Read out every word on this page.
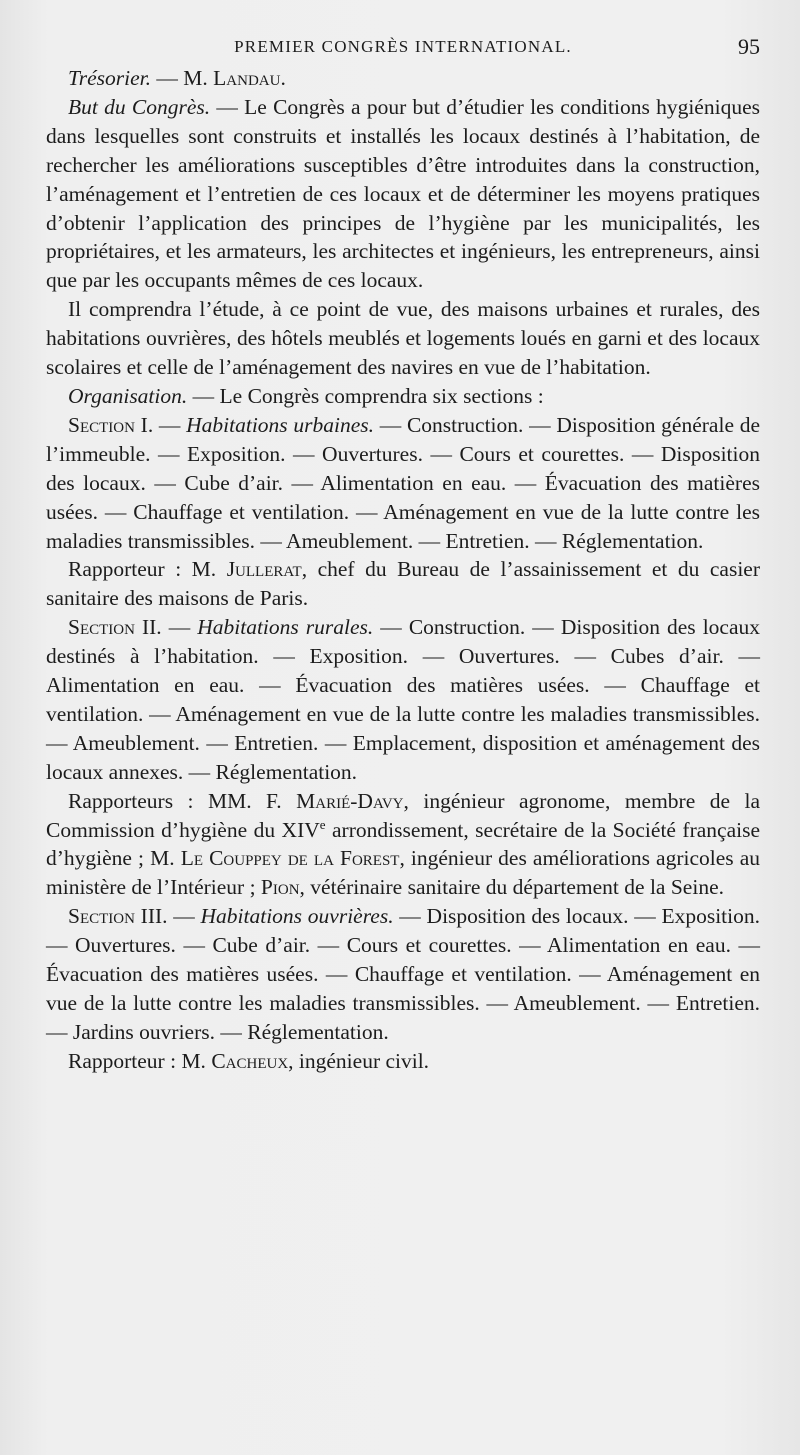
PREMIER CONGRÈS INTERNATIONAL.	95

Trésorier. — M. Landau.

But du Congrès. — Le Congrès a pour but d’étudier les conditions hygiéniques dans lesquelles sont construits et installés les locaux destinés à l’habitation, de rechercher les améliorations susceptibles d’être introduites dans la construction, l’aménagement et l’entretien de ces locaux et de déterminer les moyens pratiques d’obtenir l’application des principes de l’hygiène par les municipalités, les propriétaires, et les armateurs, les architectes et ingénieurs, les entrepreneurs, ainsi que par les occupants mêmes de ces locaux.

Il comprendra l’étude, à ce point de vue, des maisons urbaines et rurales, des habitations ouvrières, des hôtels meublés et logements loués en garni et des locaux scolaires et celle de l’aménagement des navires en vue de l’habitation.

Organisation. — Le Congrès comprendra six sections :

Section I. — Habitations urbaines. — Construction. — Disposition générale de l’immeuble. — Exposition. — Ouvertures. — Cours et courettes. — Disposition des locaux. — Cube d’air. — Alimentation en eau. — Évacuation des matières usées. — Chauffage et ventilation. — Aménagement en vue de la lutte contre les maladies transmissibles. — Ameublement. — Entretien. — Réglementation.

Rapporteur : M. Jullerat, chef du Bureau de l’assainissement et du casier sanitaire des maisons de Paris.

Section II. — Habitations rurales. — Construction. — Disposition des locaux destinés à l’habitation. — Exposition. — Ouvertures. — Cubes d’air. — Alimentation en eau. — Évacuation des matières usées. — Chauffage et ventilation. — Aménagement en vue de la lutte contre les maladies transmissibles. — Ameublement. — Entretien. — Emplacement, disposition et aménagement des locaux annexes. — Réglementation.

Rapporteurs : MM. F. Marié-Davy, ingénieur agronome, membre de la Commission d’hygiène du XIVe arrondissement, secrétaire de la Société française d’hygiène ; M. Le Couppey de la Forest, ingénieur des améliorations agricoles au ministère de l’Intérieur ; Pion, vétérinaire sanitaire du département de la Seine.

Section III. — Habitations ouvrières. — Disposition des locaux. — Exposition. — Ouvertures. — Cube d’air. — Cours et courettes. — Alimentation en eau. — Évacuation des matières usées. — Chauffage et ventilation. — Aménagement en vue de la lutte contre les maladies transmissibles. — Ameublement. — Entretien. — Jardins ouvriers. — Réglementation.

Rapporteur : M. Cacheux, ingénieur civil.
